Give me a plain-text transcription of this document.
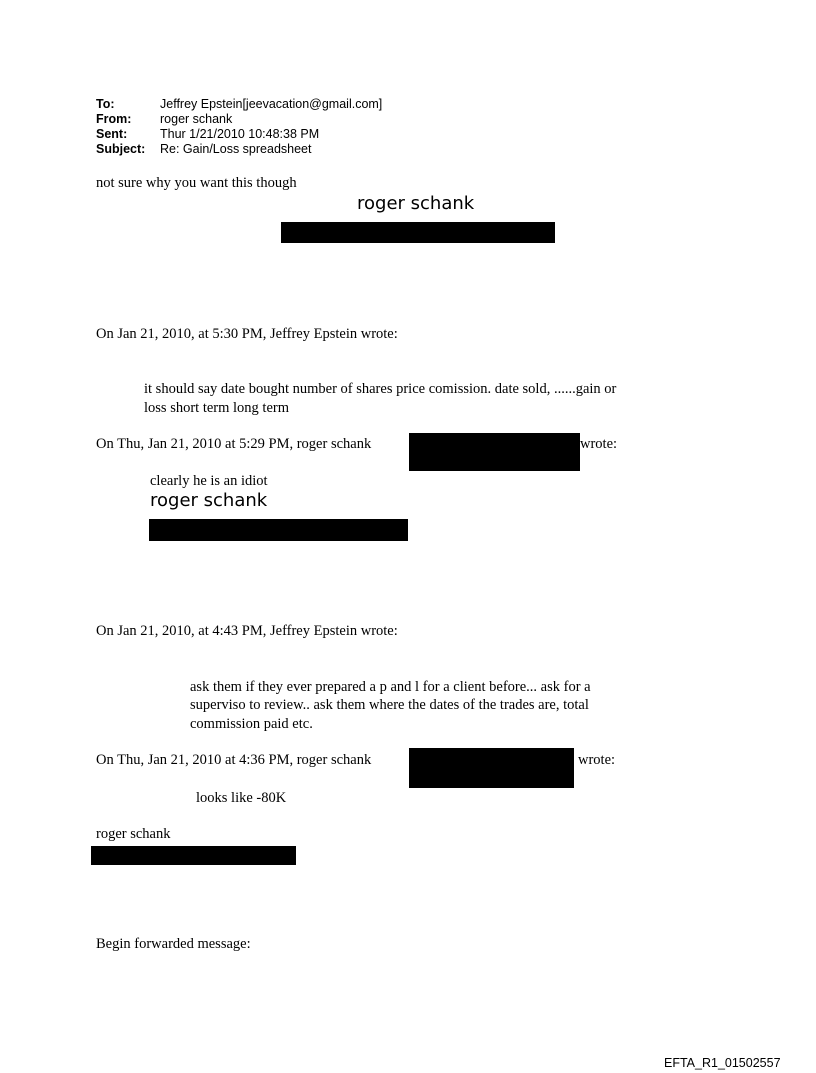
To:	Jeffrey Epstein[jeevacation@gmail.com]
From: roger schank
Sent:	Thur 1/21/2010 10:48:38 PM
Subject: Re: Gain/Loss spreadsheet
not sure why you want this though
roger schank
On Jan 21, 2010, at 5:30 PM, Jeffrey Epstein wrote:
it should say date bought number of shares price comission. date sold, ......gain or
loss short term long term
On Thu, Jan 21, 2010 at 5:29 PM, roger schank	wrote:
clearly he is an idiot
roger schank
On Jan 21, 2010, at 4:43 PM, Jeffrey Epstein wrote:
ask them if they ever prepared a p and l for a client before... ask for a
superviso to review.. ask them where the dates of the trades are, total
commission paid etc.
On Thu, Jan 21, 2010 at 4:36 PM, roger schank	wrote:
looks like -80K
roger schank
Begin forwarded message:
EFTA_R1_01502557
